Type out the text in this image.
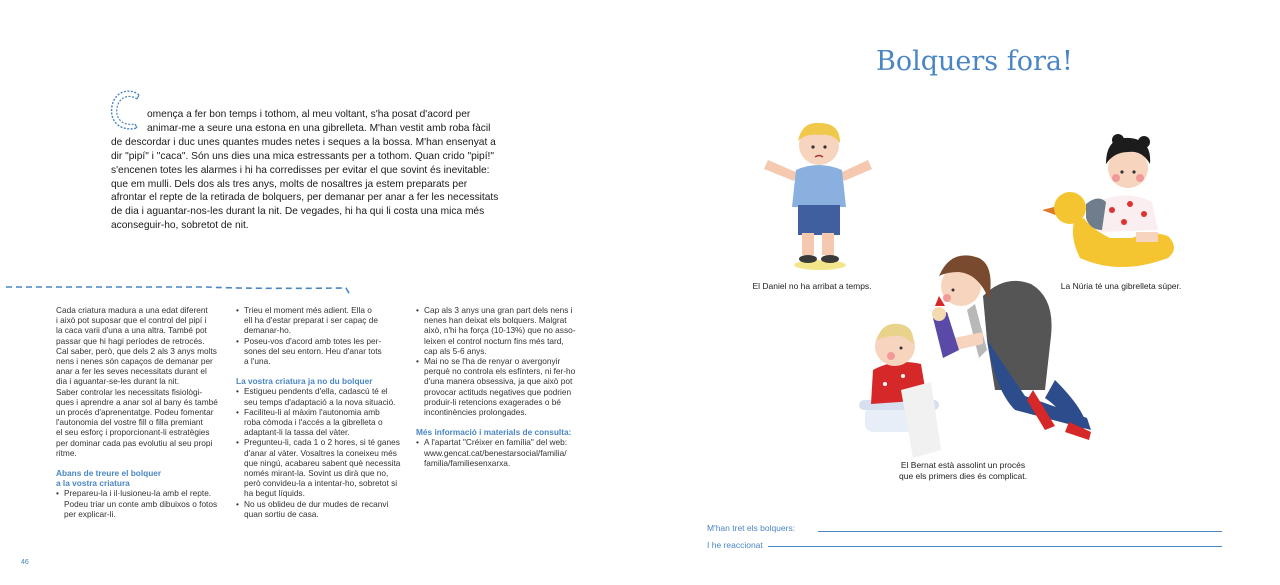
46
omença a fer bon temps i tothom, al meu voltant, s'ha posat d'acord per
animar-me a seure una estona en una gibrelleta. M'han vestit amb roba fàcil
de descordar i duc unes quantes mudes netes i seques a la bossa. M'han ensenyat a
dir "pipí" i "caca". Són uns dies una mica estressants per a tothom. Quan crido "pipí!"
s'encenen totes les alarmes i hi ha corredisses per evitar el que sovint és inevitable:
que em mulli. Dels dos als tres anys, molts de nosaltres ja estem preparats per
afrontar el repte de la retirada de bolquers, per demanar per anar a fer les necessitats
de dia i aguantar-nos-les durant la nit. De vegades, hi ha qui li costa una mica més
aconseguir-ho, sobretot de nit.

Cada criatura madura a una edat diferent

i això pot suposar que el control del pipí i

la caca varii d'una a una altra. També pot

passar que hi hagi períodes de retrocés.

Cal saber, però, que dels 2 als 3 anys molts

nens i nenes són capaços de demanar per

anar a fer les seves necessitats durant el

dia i aguantar-se-les durant la nit.

Saber controlar les necessitats fisiològi-

ques i aprendre a anar sol al bany és també

un procés d'aprenentatge. Podeu fomentar

l'autonomia del vostre fill o filla premiant

el seu esforç i proporcionant-li estratègies

per dominar cada pas evolutiu al seu propi

ritme.

Abans de treure el bolquer

a la vostra criatura

• Prepareu-la i il·lusioneu-la amb el repte.

Podeu triar un conte amb dibuixos o fotos

per explicar-li.

• Trieu el moment més adient. Ella o

ell ha d'estar preparat i ser capaç de

demanar-ho.

• Poseu-vos d'acord amb totes les per-

sones del seu entorn. Heu d'anar tots

a l'una.

La vostra criatura ja no du bolquer

• Estigueu pendents d'ella, cadascú té el

seu temps d'adaptació a la nova situació.

• Faciliteu-li al màxim l'autonomia amb

roba còmoda i l'accés a la gibrelleta o

adaptant-li la tassa del vàter.

• Pregunteu-li, cada 1 o 2 hores, si té ganes

d'anar al vàter. Vosaltres la coneixeu més

que ningú, acabareu sabent què necessita

només mirant-la. Sovint us dirà que no,

però convideu-la a intentar-ho, sobretot si

ha begut líquids.

• No us oblideu de dur mudes de recanvi

quan sortiu de casa.

• Cap als 3 anys una gran part dels nens i

nenes han deixat els bolquers. Malgrat

això, n'hi ha força (10-13%) que no asso-

leixen el control nocturn fins més tard,

cap als 5-6 anys.

• Mai no se l'ha de renyar o avergonyir

perquè no controla els esfínters, ni fer-ho

d'una manera obsessiva, ja que això pot

provocar actituds negatives que podrien

produir-li retencions exagerades o bé

incontinències prolongades.

Més informació i materials de consulta:

• A l'apartat "Créixer en família" del web:

www.gencat.cat/benestarsocial/familia/

familia/familiesenxarxa.

Bolquers fora!
El Daniel no ha arribat a temps.	La Núria té una gibrelleta súper.
El Bernat està assolint un procés
que els primers dies és complicat.
M'han tret els bolquers:
I he reaccionat
